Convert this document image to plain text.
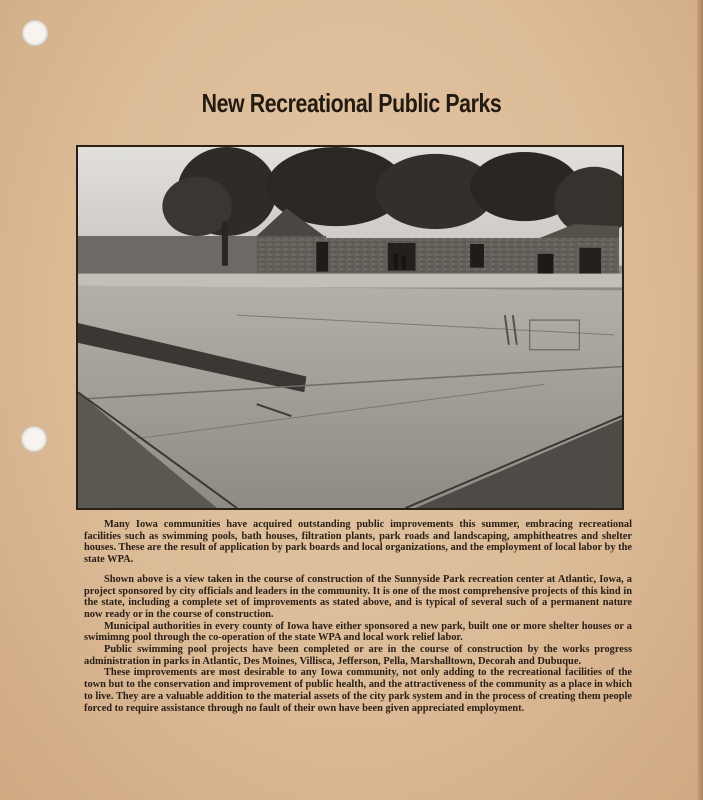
New Recreational Public Parks

Many Iowa communities have acquired outstanding public improvements this summer, embracing recreational facilities such as swimming pools, bath houses, filtration plants, park roads and landscaping, amphitheatres and shelter houses. These are the result of application by park boards and local organizations, and the employment of local labor by the state WPA.

Shown above is a view taken in the course of construction of the Sunnyside Park recreation center at Atlantic, Iowa, a project sponsored by city officials and leaders in the community. It is one of the most comprehensive projects of this kind in the state, including a complete set of improvements as stated above, and is typical of several such of a permanent nature now ready or in the course of construction.

Municipal authorities in every county of Iowa have either sponsored a new park, built one or more shelter houses or a swimimng pool through the co-operation of the state WPA and local work relief labor.

Public swimming pool projects have been completed or are in the course of construction by the works progress administration in parks in Atlantic, Des Moines, Villisca, Jefferson, Pella, Marshalltown, Decorah and Dubuque.

These improvements are most desirable to any Iowa community, not only adding to the recreational facilities of the town but to the conservation and improvement of public health, and the attractiveness of the community as a place in which to live. They are a valuable addition to the material assets of the city park system and in the process of creating them people forced to require assistance through no fault of their own have been given appreciated employment.
